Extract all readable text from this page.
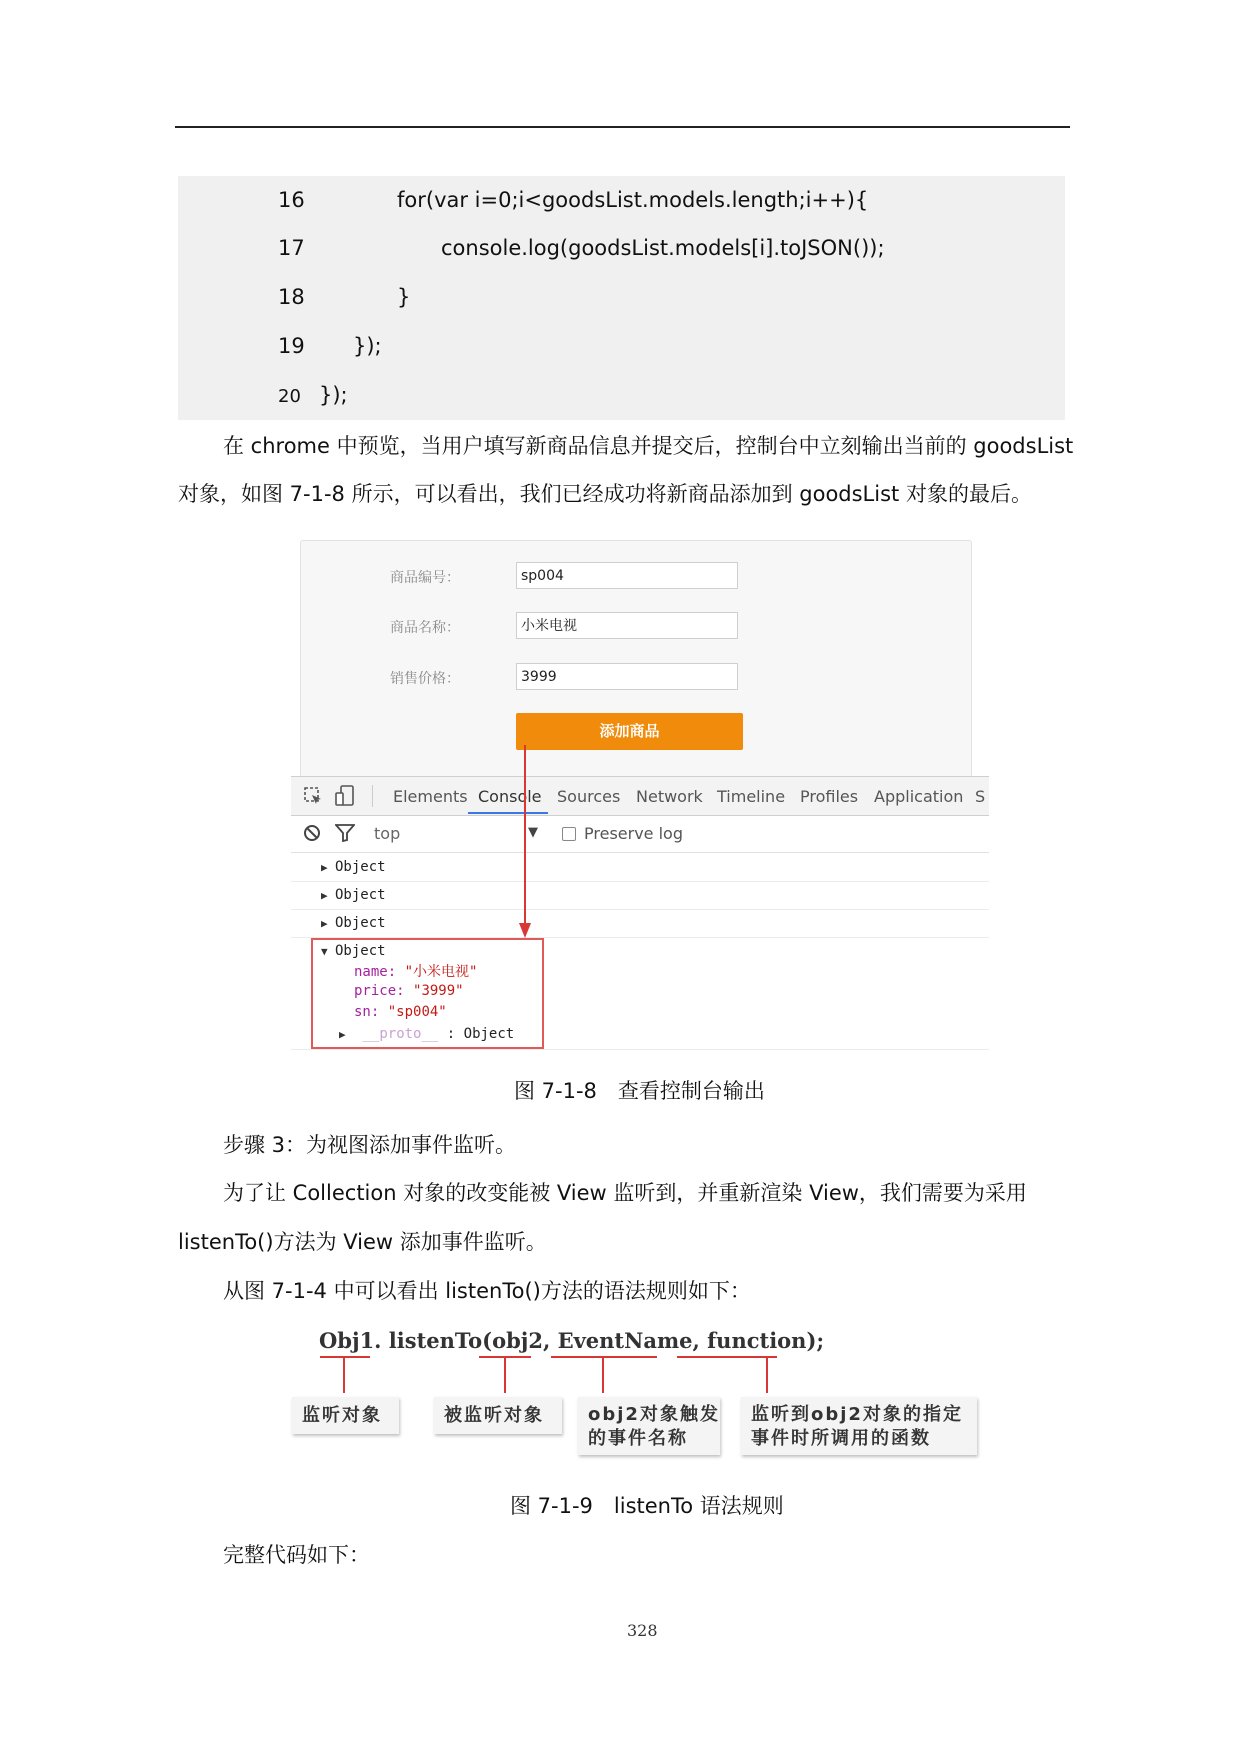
16	for(var i=0;i<goodsList.models.length;i++){
17	console.log(goodsList.models[i].toJSON());
18	}
19 });
20 });
在 chrome 中预览，当用户填写新商品信息并提交后，控制台中立刻输出当前的 goodsList
对象，如图 7-1-8 所示，可以看出，我们已经成功将新商品添加到 goodsList 对象的最后。
商品编号：	sp004
商品名称：	小米电视
销售价格：	3999
添加商品
Elements Console Sources Network Timeline Profiles Application S
top	▼	Preserve log
▶ Object
▶ Object
▶ Object
▼ Object
name: "小米电视"
price: "3999"
sn: "sp004"
▶ __proto__ : Object
图 7-1-8　查看控制台输出
步骤 3：为视图添加事件监听。
为了让 Collection 对象的改变能被 View 监听到，并重新渲染 View，我们需要为采用
listenTo()方法为 View 添加事件监听。
从图 7-1-4 中可以看出 listenTo()方法的语法规则如下：
Obj1. listenTo(obj2, EventName, function);
监听对象	被监听对象	obj2对象触发
的事件名称
监听到obj2对象的指定
事件时所调用的函数
图 7-1-9　listenTo 语法规则
完整代码如下：
328
